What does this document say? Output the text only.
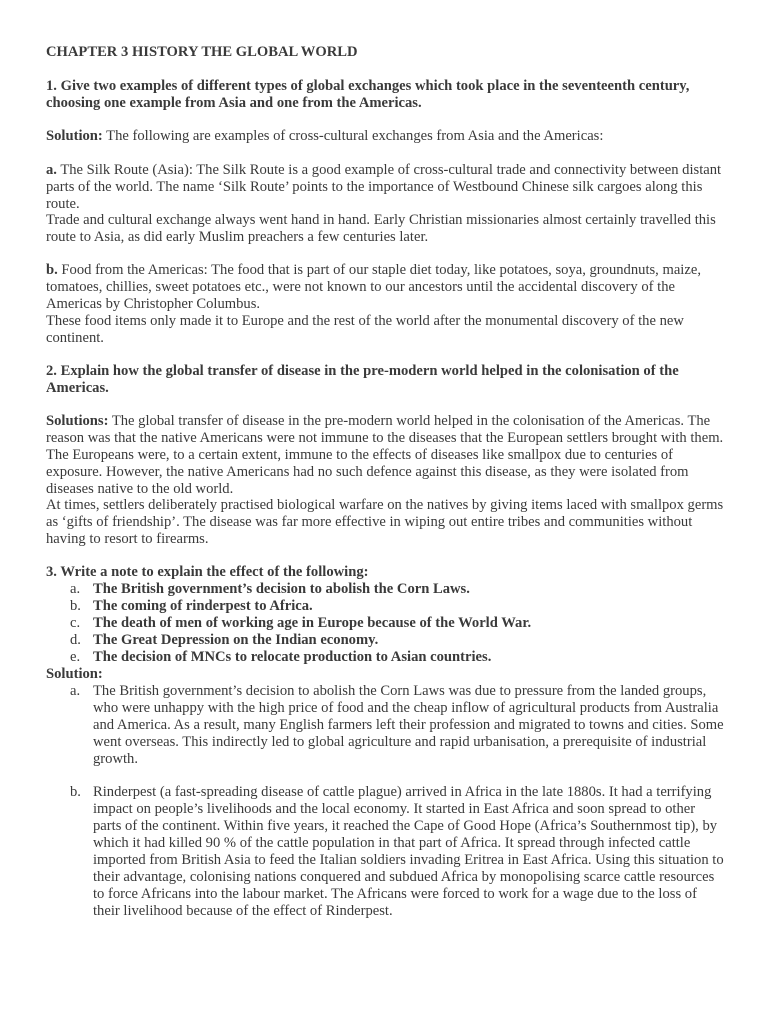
CHAPTER 3 HISTORY THE GLOBAL WORLD

1. Give two examples of different types of global exchanges which took place in the seventeenth century, choosing one example from Asia and one from the Americas.

Solution: The following are examples of cross-cultural exchanges from Asia and the Americas:

a. The Silk Route (Asia): The Silk Route is a good example of cross-cultural trade and connectivity between distant parts of the world. The name ‘Silk Route’ points to the importance of Westbound Chinese silk cargoes along this route.

Trade and cultural exchange always went hand in hand. Early Christian missionaries almost certainly travelled this route to Asia, as did early Muslim preachers a few centuries later.

b. Food from the Americas: The food that is part of our staple diet today, like potatoes, soya, groundnuts, maize, tomatoes, chillies, sweet potatoes etc., were not known to our ancestors until the accidental discovery of the Americas by Christopher Columbus.

These food items only made it to Europe and the rest of the world after the monumental discovery of the new continent.

2. Explain how the global transfer of disease in the pre-modern world helped in the colonisation of the Americas.

Solutions: The global transfer of disease in the pre-modern world helped in the colonisation of the Americas. The reason was that the native Americans were not immune to the diseases that the European settlers brought with them. The Europeans were, to a certain extent, immune to the effects of diseases like smallpox due to centuries of exposure. However, the native Americans had no such defence against this disease, as they were isolated from diseases native to the old world.

At times, settlers deliberately practised biological warfare on the natives by giving items laced with smallpox germs as ‘gifts of friendship’. The disease was far more effective in wiping out entire tribes and communities without having to resort to firearms.

3. Write a note to explain the effect of the following:

a. The British government’s decision to abolish the Corn Laws.
b. The coming of rinderpest to Africa.
c. The death of men of working age in Europe because of the World War.
d. The Great Depression on the Indian economy.
e. The decision of MNCs to relocate production to Asian countries.

Solution:

a. The British government’s decision to abolish the Corn Laws was due to pressure from the landed groups, who were unhappy with the high price of food and the cheap inflow of agricultural products from Australia and America. As a result, many English farmers left their profession and migrated to towns and cities. Some went overseas. This indirectly led to global agriculture and rapid urbanisation, a prerequisite of industrial growth.
b. Rinderpest (a fast-spreading disease of cattle plague) arrived in Africa in the late 1880s. It had a terrifying impact on people’s livelihoods and the local economy. It started in East Africa and soon spread to other parts of the continent. Within five years, it reached the Cape of Good Hope (Africa’s Southernmost tip), by which it had killed 90 % of the cattle population in that part of Africa. It spread through infected cattle imported from British Asia to feed the Italian soldiers invading Eritrea in East Africa. Using this situation to their advantage, colonising nations conquered and subdued Africa by monopolising scarce cattle resources to force Africans into the labour market. The Africans were forced to work for a wage due to the loss of their livelihood because of the effect of Rinderpest.
